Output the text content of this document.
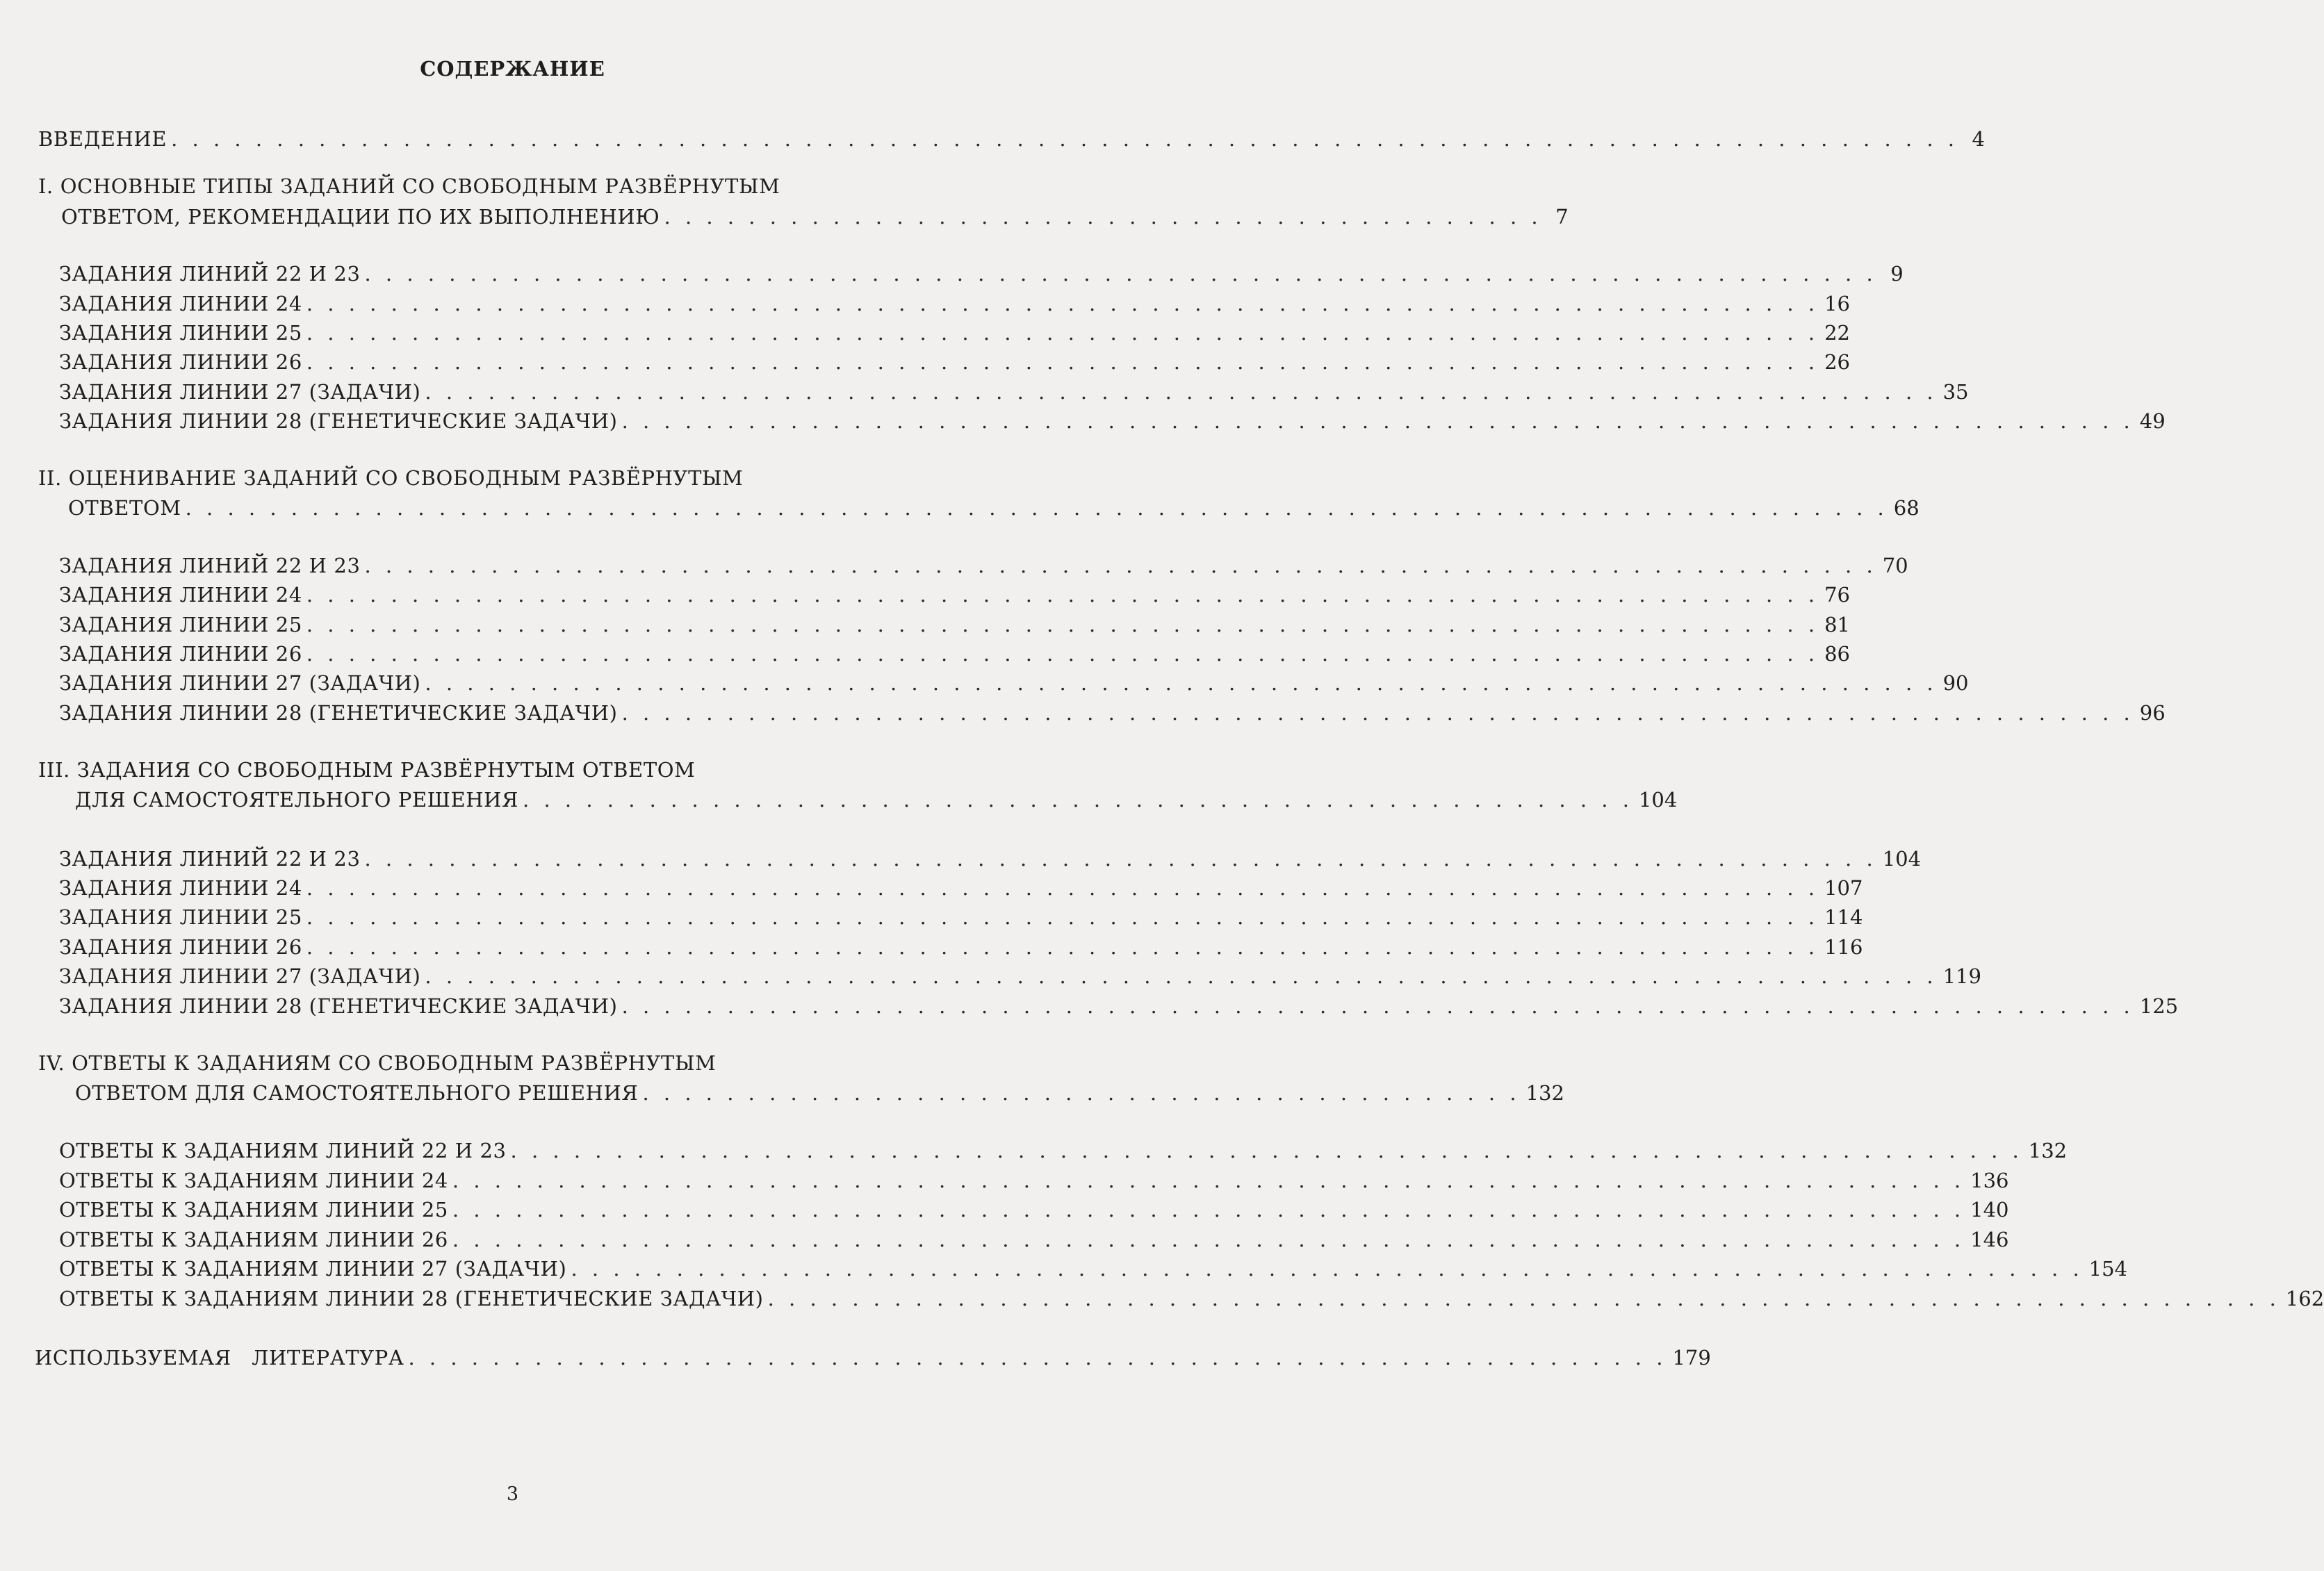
СОДЕРЖАНИЕ
ВВЕДЕНИЕ . . . . . . . . . . . . . . . . . . . . . . . . . . . . . . . . . . . . . . . . . . . . . . . . . . . . . . . . . . . . . . . . . . . . . . . . . . . . . . . . . . . . . 4
I. ОСНОВНЫЕ ТИПЫ ЗАДАНИЙ СО СВОБОДНЫМ РАЗВЁРНУТЫМ
ОТВЕТОМ, РЕКОМЕНДАЦИИ ПО ИХ ВЫПОЛНЕНИЮ . . . . . . . . . . . . . . . . . . . . . . . . . . . . . . . . . . . . . . . . . . 7
ЗАДАНИЯ ЛИНИЙ 22 И 23 . . . . . . . . . . . . . . . . . . . . . . . . . . . . . . . . . . . . . . . . . . . . . . . . . . . . . . . . . . . . . . . . . . . . . . . . 9
ЗАДАНИЯ ЛИНИИ 24 . . . . . . . . . . . . . . . . . . . . . . . . . . . . . . . . . . . . . . . . . . . . . . . . . . . . . . . . . . . . . . . . . . . . . . . . 16
ЗАДАНИЯ ЛИНИИ 25 . . . . . . . . . . . . . . . . . . . . . . . . . . . . . . . . . . . . . . . . . . . . . . . . . . . . . . . . . . . . . . . . . . . . . . . . 22
ЗАДАНИЯ ЛИНИИ 26 . . . . . . . . . . . . . . . . . . . . . . . . . . . . . . . . . . . . . . . . . . . . . . . . . . . . . . . . . . . . . . . . . . . . . . . . 26
ЗАДАНИЯ ЛИНИИ 27 (ЗАДАЧИ) . . . . . . . . . . . . . . . . . . . . . . . . . . . . . . . . . . . . . . . . . . . . . . . . . . . . . . . . . . . . . . . . . . . . . . . . 35
ЗАДАНИЯ ЛИНИИ 28 (ГЕНЕТИЧЕСКИЕ ЗАДАЧИ) . . . . . . . . . . . . . . . . . . . . . . . . . . . . . . . . . . . . . . . . . . . . . . . . . . . . . . . . . . . . . . . . . . . . . . . . 49
II. ОЦЕНИВАНИЕ ЗАДАНИЙ СО СВОБОДНЫМ РАЗВЁРНУТЫМ
ОТВЕТОМ . . . . . . . . . . . . . . . . . . . . . . . . . . . . . . . . . . . . . . . . . . . . . . . . . . . . . . . . . . . . . . . . . . . . . . . . . . . . . . . . . 68
ЗАДАНИЯ ЛИНИЙ 22 И 23 . . . . . . . . . . . . . . . . . . . . . . . . . . . . . . . . . . . . . . . . . . . . . . . . . . . . . . . . . . . . . . . . . . . . . . . . 70
ЗАДАНИЯ ЛИНИИ 24 . . . . . . . . . . . . . . . . . . . . . . . . . . . . . . . . . . . . . . . . . . . . . . . . . . . . . . . . . . . . . . . . . . . . . . . . 76
ЗАДАНИЯ ЛИНИИ 25 . . . . . . . . . . . . . . . . . . . . . . . . . . . . . . . . . . . . . . . . . . . . . . . . . . . . . . . . . . . . . . . . . . . . . . . . 81
ЗАДАНИЯ ЛИНИИ 26 . . . . . . . . . . . . . . . . . . . . . . . . . . . . . . . . . . . . . . . . . . . . . . . . . . . . . . . . . . . . . . . . . . . . . . . . 86
ЗАДАНИЯ ЛИНИИ 27 (ЗАДАЧИ) . . . . . . . . . . . . . . . . . . . . . . . . . . . . . . . . . . . . . . . . . . . . . . . . . . . . . . . . . . . . . . . . . . . . . . . . 90
ЗАДАНИЯ ЛИНИИ 28 (ГЕНЕТИЧЕСКИЕ ЗАДАЧИ) . . . . . . . . . . . . . . . . . . . . . . . . . . . . . . . . . . . . . . . . . . . . . . . . . . . . . . . . . . . . . . . . . . . . . . . . 96
III. ЗАДАНИЯ СО СВОБОДНЫМ РАЗВЁРНУТЫМ ОТВЕТОМ
ДЛЯ САМОСТОЯТЕЛЬНОГО РЕШЕНИЯ . . . . . . . . . . . . . . . . . . . . . . . . . . . . . . . . . . . . . . . . . . . . . . . . . . . . . 104
ЗАДАНИЯ ЛИНИЙ 22 И 23 . . . . . . . . . . . . . . . . . . . . . . . . . . . . . . . . . . . . . . . . . . . . . . . . . . . . . . . . . . . . . . . . . . . . . . . . 104
ЗАДАНИЯ ЛИНИИ 24 . . . . . . . . . . . . . . . . . . . . . . . . . . . . . . . . . . . . . . . . . . . . . . . . . . . . . . . . . . . . . . . . . . . . . . . . 107
ЗАДАНИЯ ЛИНИИ 25 . . . . . . . . . . . . . . . . . . . . . . . . . . . . . . . . . . . . . . . . . . . . . . . . . . . . . . . . . . . . . . . . . . . . . . . . 114
ЗАДАНИЯ ЛИНИИ 26 . . . . . . . . . . . . . . . . . . . . . . . . . . . . . . . . . . . . . . . . . . . . . . . . . . . . . . . . . . . . . . . . . . . . . . . . 116
ЗАДАНИЯ ЛИНИИ 27 (ЗАДАЧИ) . . . . . . . . . . . . . . . . . . . . . . . . . . . . . . . . . . . . . . . . . . . . . . . . . . . . . . . . . . . . . . . . . . . . . . . . 119
ЗАДАНИЯ ЛИНИИ 28 (ГЕНЕТИЧЕСКИЕ ЗАДАЧИ) . . . . . . . . . . . . . . . . . . . . . . . . . . . . . . . . . . . . . . . . . . . . . . . . . . . . . . . . . . . . . . . . . . . . . . . . 125
IV. ОТВЕТЫ К ЗАДАНИЯМ СО СВОБОДНЫМ РАЗВЁРНУТЫМ
ОТВЕТОМ ДЛЯ САМОСТОЯТЕЛЬНОГО РЕШЕНИЯ . . . . . . . . . . . . . . . . . . . . . . . . . . . . . . . . . . . . . . . . . . 132
ОТВЕТЫ К ЗАДАНИЯМ ЛИНИЙ 22 И 23 . . . . . . . . . . . . . . . . . . . . . . . . . . . . . . . . . . . . . . . . . . . . . . . . . . . . . . . . . . . . . . . . . . . . . . . . 132
ОТВЕТЫ К ЗАДАНИЯМ ЛИНИИ 24 . . . . . . . . . . . . . . . . . . . . . . . . . . . . . . . . . . . . . . . . . . . . . . . . . . . . . . . . . . . . . . . . . . . . . . . . 136
ОТВЕТЫ К ЗАДАНИЯМ ЛИНИИ 25 . . . . . . . . . . . . . . . . . . . . . . . . . . . . . . . . . . . . . . . . . . . . . . . . . . . . . . . . . . . . . . . . . . . . . . . . 140
ОТВЕТЫ К ЗАДАНИЯМ ЛИНИИ 26 . . . . . . . . . . . . . . . . . . . . . . . . . . . . . . . . . . . . . . . . . . . . . . . . . . . . . . . . . . . . . . . . . . . . . . . . 146
ОТВЕТЫ К ЗАДАНИЯМ ЛИНИИ 27 (ЗАДАЧИ) . . . . . . . . . . . . . . . . . . . . . . . . . . . . . . . . . . . . . . . . . . . . . . . . . . . . . . . . . . . . . . . . . . . . . . . . 154
ОТВЕТЫ К ЗАДАНИЯМ ЛИНИИ 28 (ГЕНЕТИЧЕСКИЕ ЗАДАЧИ) . . . . . . . . . . . . . . . . . . . . . . . . . . . . . . . . . . . . . . . . . . . . . . . . . . . . . . . . . . . . . . . . . . . . . . . . 162
ИСПОЛЬЗУЕМАЯ   ЛИТЕРАТУРА . . . . . . . . . . . . . . . . . . . . . . . . . . . . . . . . . . . . . . . . . . . . . . . . . . . . . . . . . . . . 179
3
